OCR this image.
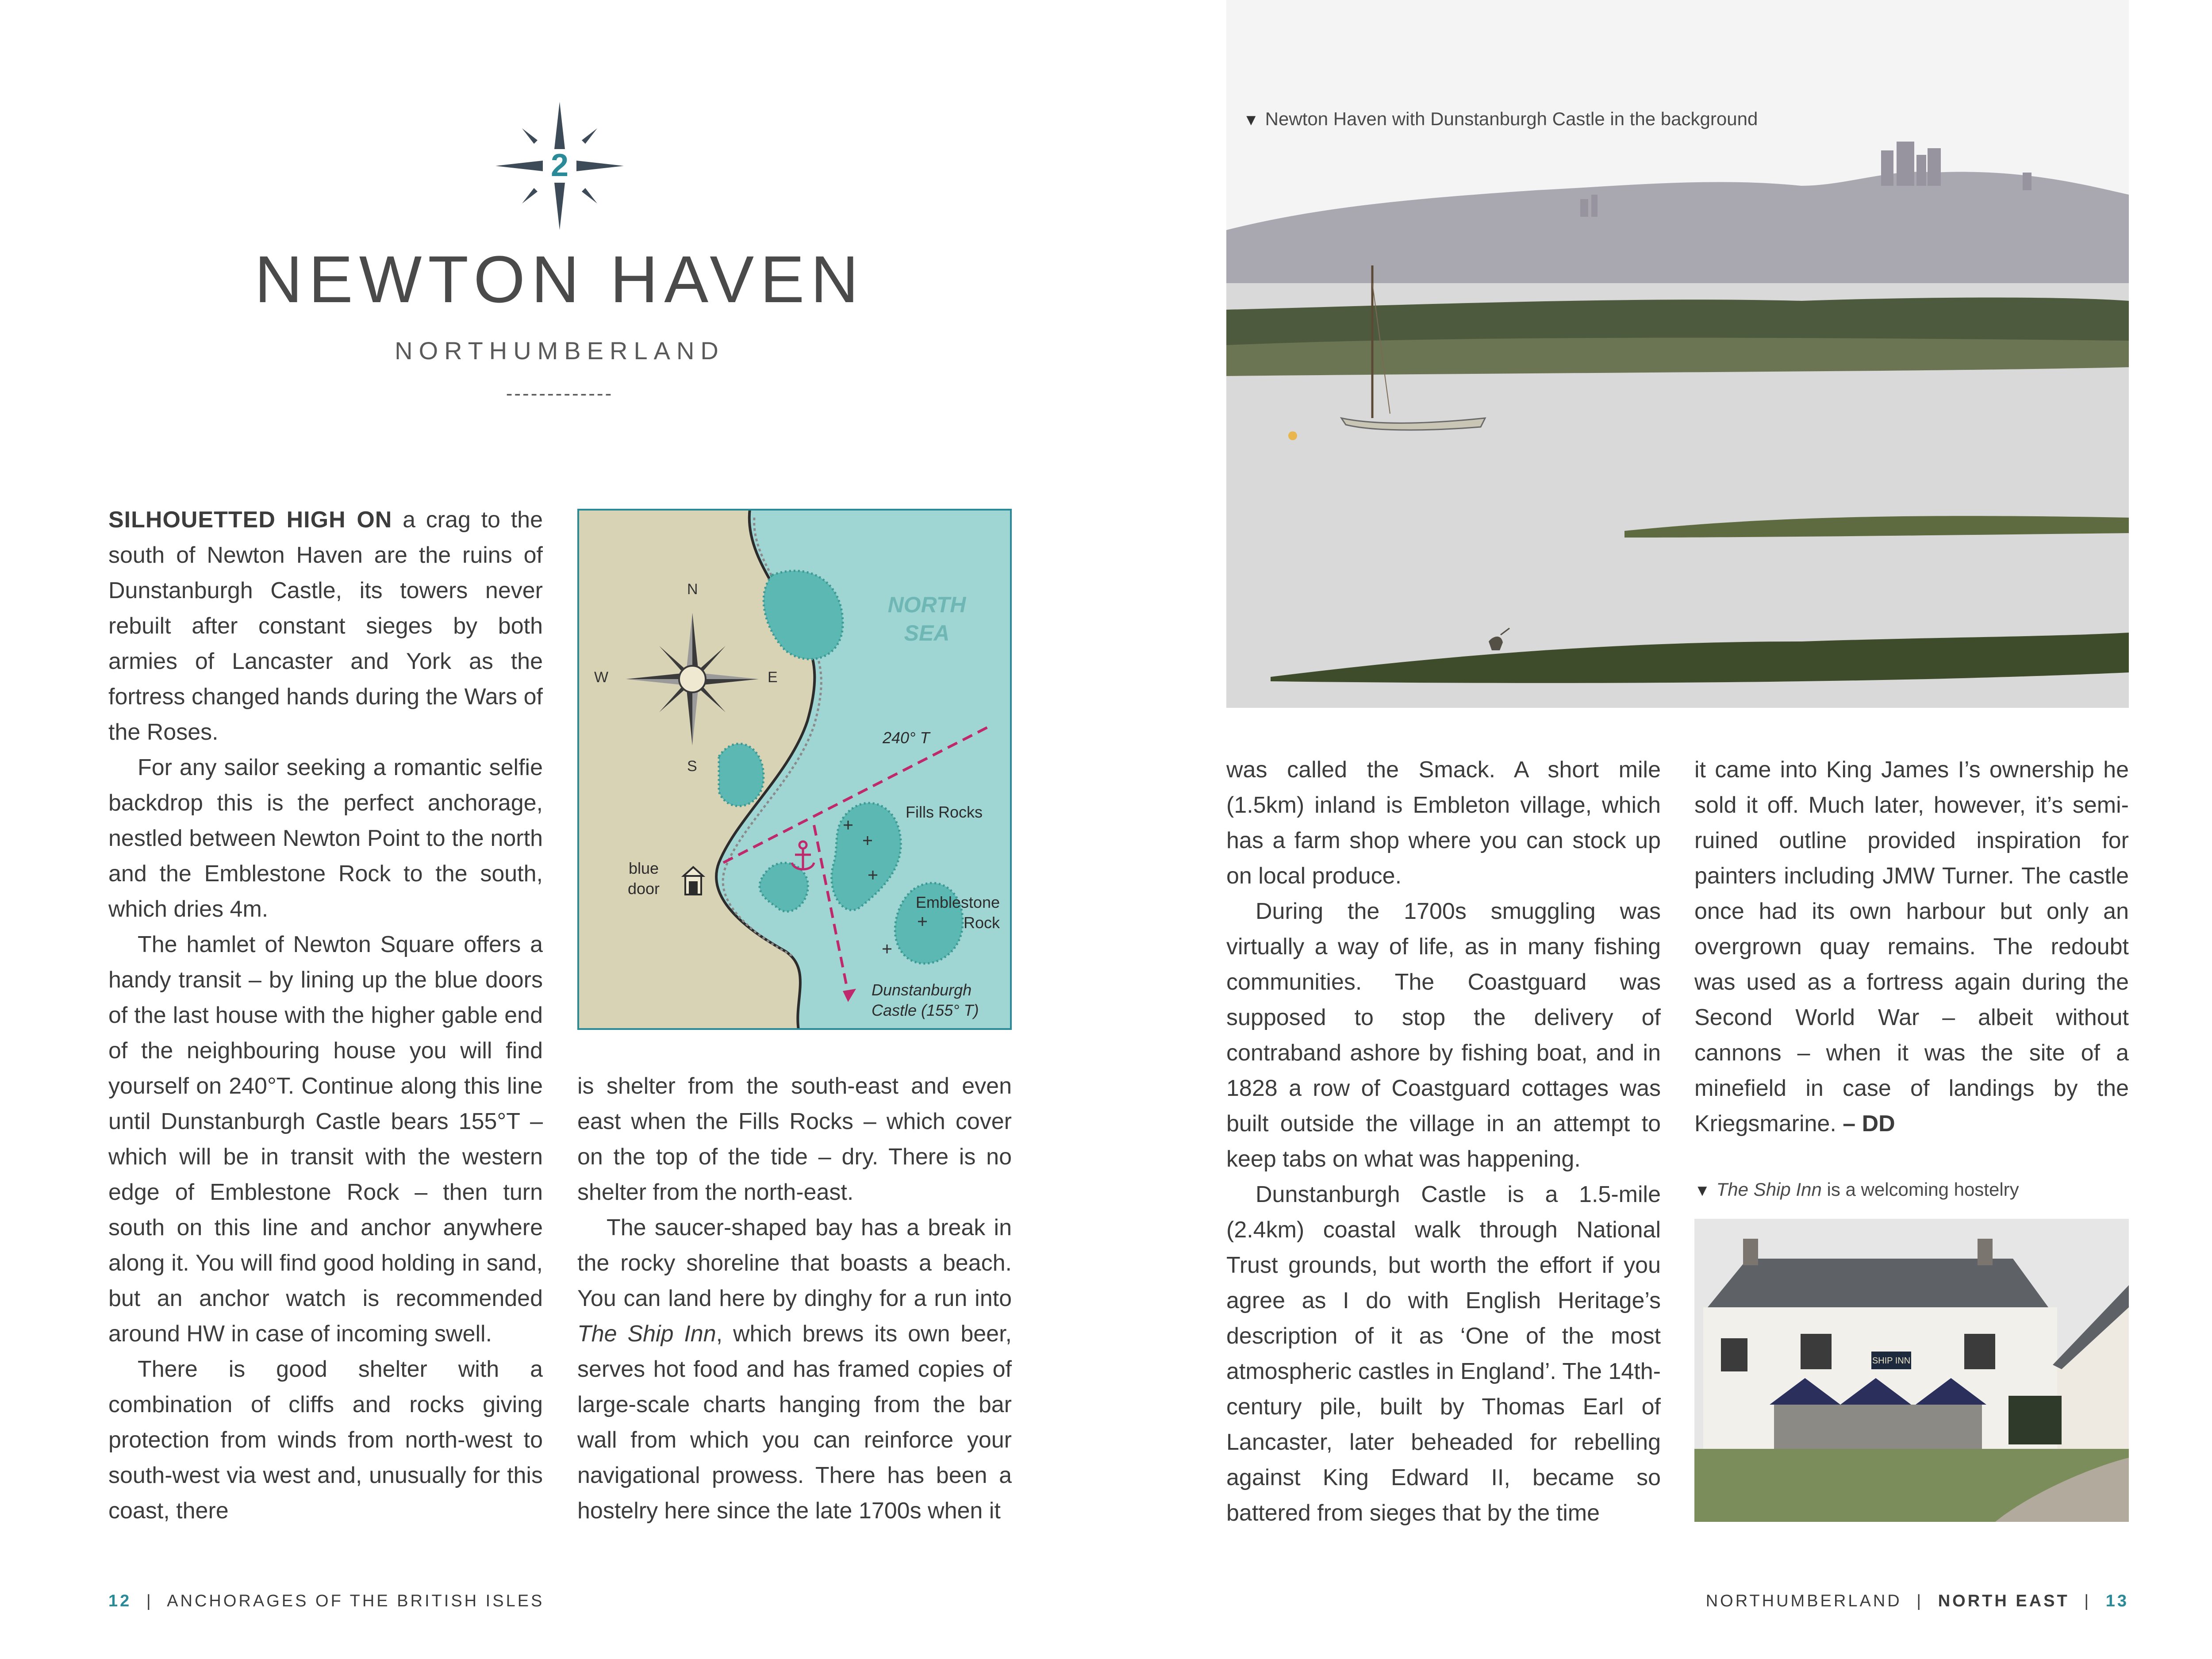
2
NEWTON HAVEN
NORTHUMBERLAND
-------------

SILHOUETTED HIGH ON a crag to the south of Newton Haven are the ruins of Dunstanburgh Castle, its towers never rebuilt after constant sieges by both armies of Lancaster and York as the fortress changed hands during the Wars of the Roses.

For any sailor seeking a romantic selfie backdrop this is the perfect anchorage, nestled between Newton Point to the north and the Emblestone Rock to the south, which dries 4m.

The hamlet of Newton Square offers a handy transit – by lining up the blue doors of the last house with the higher gable end of the neighbouring house you will find yourself on 240°T. Continue along this line until Dunstanburgh Castle bears 155°T – which will be in transit with the western edge of Emblestone Rock – then turn south on this line and anchor anywhere along it. You will find good holding in sand, but an anchor watch is recommended around HW in case of incoming swell.

There is good shelter with a combination of cliffs and rocks giving protection from winds from north-west to south-west via west and, unusually for this coast, there

N
S
E
W
NORTH
SEA
240° T
Fills Rocks
Emblestone
Rock
blue
door
Dunstanburgh
Castle (155° T)

is shelter from the south-east and even east when the Fills Rocks – which cover on the top of the tide – dry. There is no shelter from the north-east.

The saucer-shaped bay has a break in the rocky shoreline that boasts a beach. You can land here by dinghy for a run into The Ship Inn, which brews its own beer, serves hot food and has framed copies of large-scale charts hanging from the bar wall from which you can reinforce your navigational prowess. There has been a hostelry here since the late 1700s when it

▼ Newton Haven with Dunstanburgh Castle in the background

was called the Smack. A short mile (1.5km) inland is Embleton village, which has a farm shop where you can stock up on local produce.

During the 1700s smuggling was virtually a way of life, as in many fishing communities. The Coastguard was supposed to stop the delivery of contraband ashore by fishing boat, and in 1828 a row of Coastguard cottages was built outside the village in an attempt to keep tabs on what was happening.

Dunstanburgh Castle is a 1.5-mile (2.4km) coastal walk through National Trust grounds, but worth the effort if you agree as I do with English Heritage’s description of it as ‘One of the most atmospheric castles in England’. The 14th-century pile, built by Thomas Earl of Lancaster, later beheaded for rebelling against King Edward II, became so battered from sieges that by the time

it came into King James I’s ownership he sold it off. Much later, however, it’s semi-ruined outline provided inspiration for painters including JMW Turner. The castle once had its own harbour but only an overgrown quay remains. The redoubt was used as a fortress again during the Second World War – albeit without cannons – when it was the site of a minefield in case of landings by the Kriegsmarine. – DD

▼ The Ship Inn is a welcoming hostelry
SHIP INN
12 | ANCHORAGES OF THE BRITISH ISLES	NORTHUMBERLAND | NORTH EAST | 13
